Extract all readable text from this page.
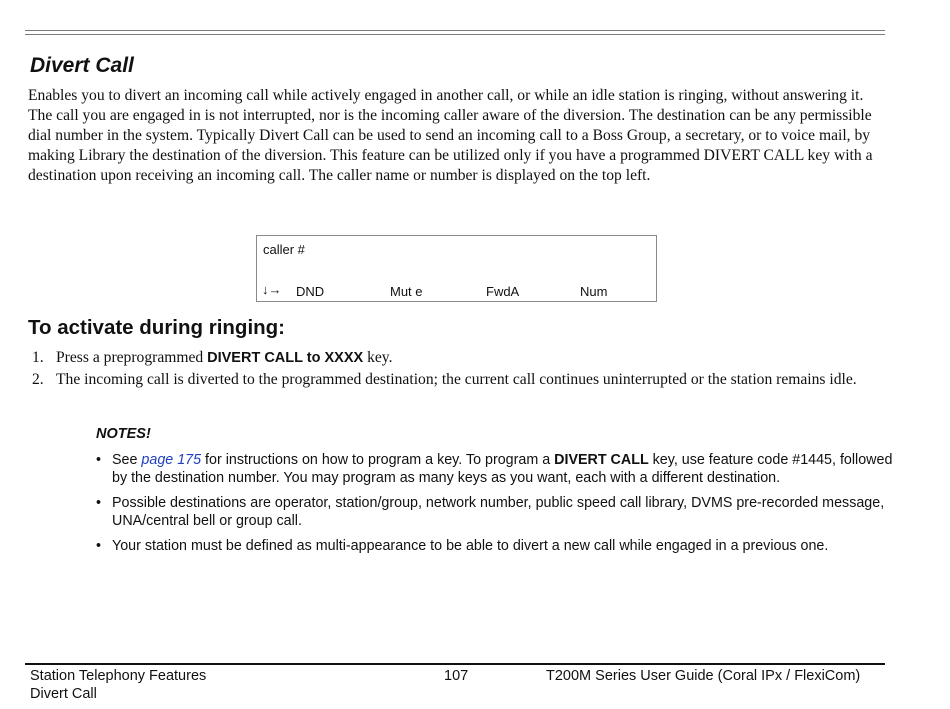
Divert Call

Enables you to divert an incoming call while actively engaged in another call, or while an idle station is ringing, without answering it. The call you are engaged in is not interrupted, nor is the incoming caller aware of the diversion. The destination can be any permissible dial number in the system. Typically Divert Call can be used to send an incoming call to a Boss Group, a secretary, or to voice mail, by making Library the destination of the diversion. This feature can be utilized only if you have a programmed DIVERT CALL key with a destination upon receiving an incoming call. The caller name or number is displayed on the top left.

caller #
↓→ DND	Mut e	FwdA	Num
To activate during ringing:
1. Press a preprogrammed DIVERT CALL to XXXX key.
2. The incoming call is diverted to the programmed destination; the current call continues uninterrupted or the station remains idle.

NOTES!

• See page 175 for instructions on how to program a key. To program a DIVERT CALL key, use feature code #1445, followed by the destination number. You may program as many keys as you want, each with a different destination.
• Possible destinations are operator, station/group, network number, public speed call library, DVMS pre-recorded message, UNA/central bell or group call.
• Your station must be defined as multi-appearance to be able to divert a new call while engaged in a previous one.
Station Telephony Features
Divert Call
107	T200M Series User Guide (Coral IPx / FlexiCom)
